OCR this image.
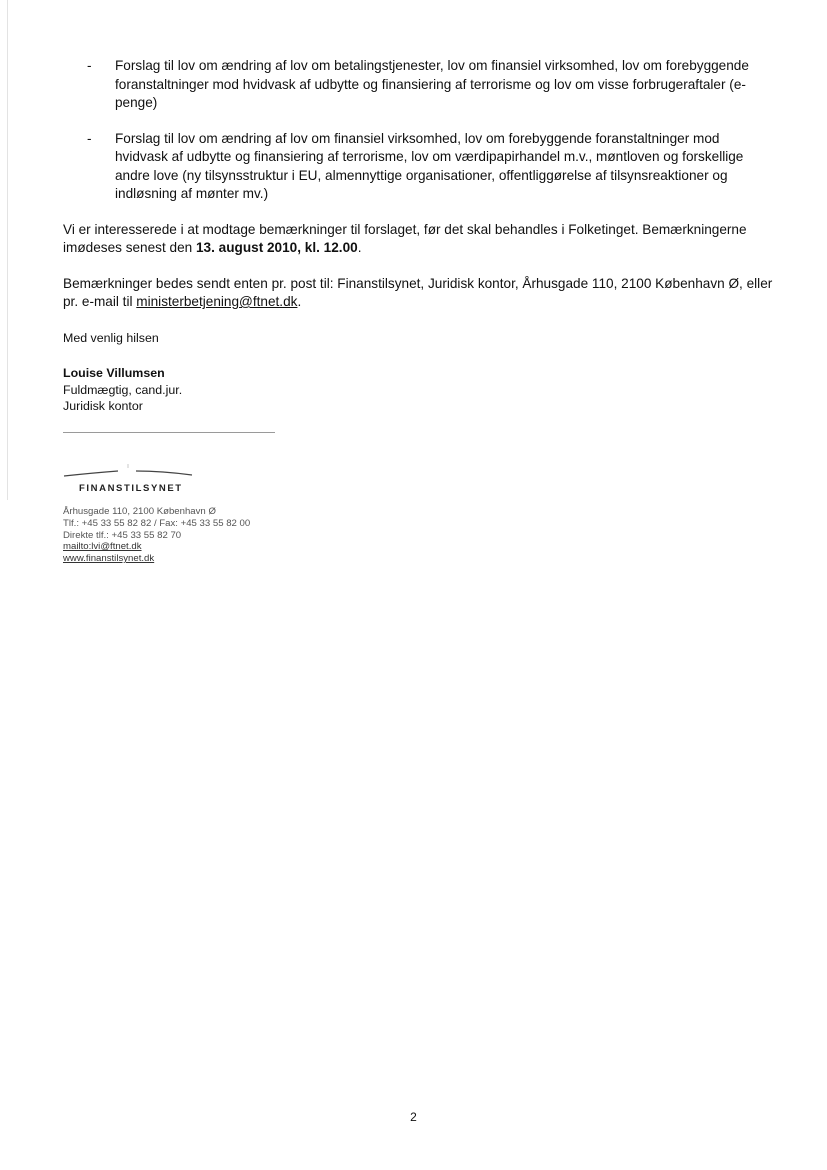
- Forslag til lov om ændring af lov om betalingstjenester, lov om finansiel virksomhed, lov om forebyggende foranstaltninger mod hvidvask af udbytte og finansiering af terrorisme og lov om visse forbrugeraftaler (e-penge)
- Forslag til lov om ændring af lov om finansiel virksomhed, lov om forebyggende foranstaltninger mod hvidvask af udbytte og finansiering af terrorisme, lov om værdipapirhandel m.v., møntloven og forskellige andre love (ny tilsynsstruktur i EU, almennyttige organisationer, offentliggørelse af tilsynsreaktioner og indløsning af mønter mv.)

Vi er interesserede i at modtage bemærkninger til forslaget, før det skal behandles i Folketinget. Bemærkningerne imødeses senest den 13. august 2010, kl. 12.00.

Bemærkninger bedes sendt enten pr. post til: Finanstilsynet, Juridisk kontor, Århusgade 110, 2100 København Ø, eller pr. e-mail til ministerbetjening@ftnet.dk.

Med venlig hilsen
Louise Villumsen
Fuldmægtig, cand.jur.
Juridisk kontor
FINANSTILSYNET
Århusgade 110, 2100 København Ø
Tlf.: +45 33 55 82 82 / Fax: +45 33 55 82 00
Direkte tlf.: +45 33 55 82 70
mailto:lvi@ftnet.dk
www.finanstilsynet.dk
2
